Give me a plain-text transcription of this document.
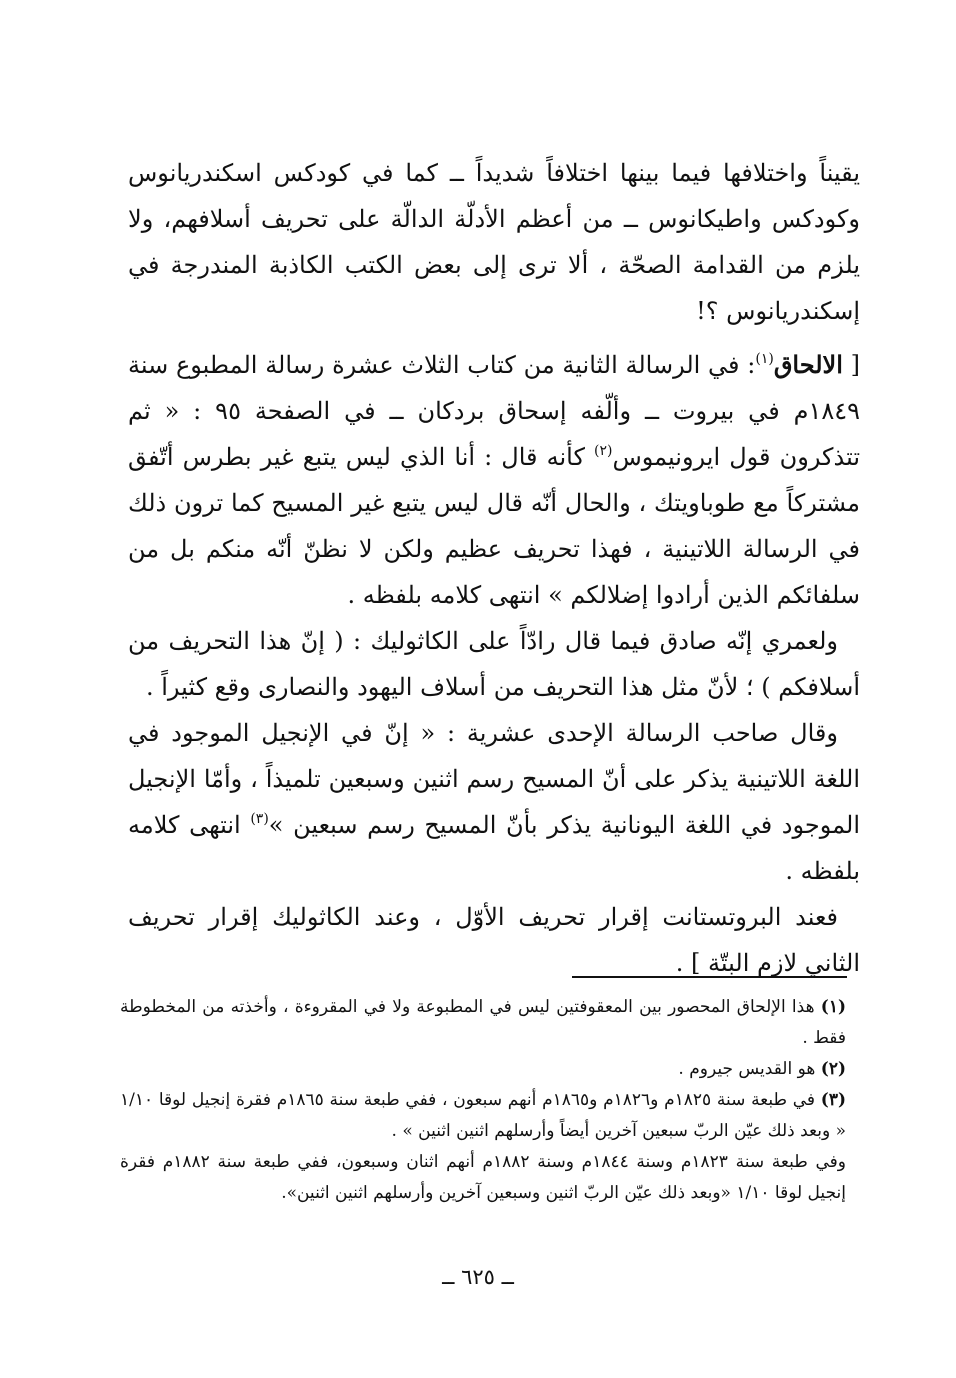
يقيناً واختلافها فيما بينها اختلافاً شديداً ــ كما في كودكس اسكندريانوس وكودكس واطيكانوس ــ من أعظم الأدلّة الدالّة على تحريف أسلافهم، ولا يلزم من القدامة الصحّة ، ألا ترى إلى بعض الكتب الكاذبة المندرجة في إسكندريانوس ؟!

[ الالحاق$^{(١)}$: في الرسالة الثانية من كتاب الثلاث عشرة رسالة المطبوع سنة ١٨٤٩م في بيروت ــ وألّفه إسحاق بردكان ــ في الصفحة ٩٥ : « ثم تتذكرون قول ايرونيموس$^{(٢)}$ كأنه قال : أنا الذي ليس يتبع غير بطرس أتّفق مشتركاً مع طوباويتك ، والحال أنّه قال ليس يتبع غير المسيح كما ترون ذلك في الرسالة اللاتينية ، فهذا تحريف عظيم ولكن لا نظنّ أنّه منكم بل من سلفائكم الذين أرادوا إضلالكم » انتهى كلامه بلفظه .

ولعمري إنّه صادق فيما قال رادّاً على الكاثوليك : ( إنّ هذا التحريف من أسلافكم ) ؛ لأنّ مثل هذا التحريف من أسلاف اليهود والنصارى وقع كثيراً .

وقال صاحب الرسالة الإحدى عشرية : « إنّ في الإنجيل الموجود في اللغة اللاتينية يذكر على أنّ المسيح رسم اثنين وسبعين تلميذاً ، وأمّا الإنجيل الموجود في اللغة اليونانية يذكر بأنّ المسيح رسم سبعين »$^{(٣)}$ انتهى كلامه بلفظه .

فعند البروتستانت إقرار تحريف الأوّل ، وعند الكاثوليك إقرار تحريف الثاني لازم البتّة ] .

(١) هذا الإلحاق المحصور بين المعقوفتين ليس في المطبوعة ولا في المقروءة ، وأخذته من المخطوطة فقط .

(٢) هو القديس جيروم .

(٣) في طبعة سنة ١٨٢٥م و١٨٢٦م و١٨٦٥م أنهم سبعون ، ففي طبعة سنة ١٨٦٥م فقرة إنجيل لوقا ١/١٠ « وبعد ذلك عيّن الربّ سبعين آخرين أيضاً وأرسلهم اثنين اثنين » .

وفي طبعة سنة ١٨٢٣م وسنة ١٨٤٤م وسنة ١٨٨٢م أنهم اثنان وسبعون، ففي طبعة سنة ١٨٨٢م فقرة إنجيل لوقا ١/١٠ «وبعد ذلك عيّن الربّ اثنين وسبعين آخرين وأرسلهم اثنين اثنين».

ــ ٦٢٥ ــ
